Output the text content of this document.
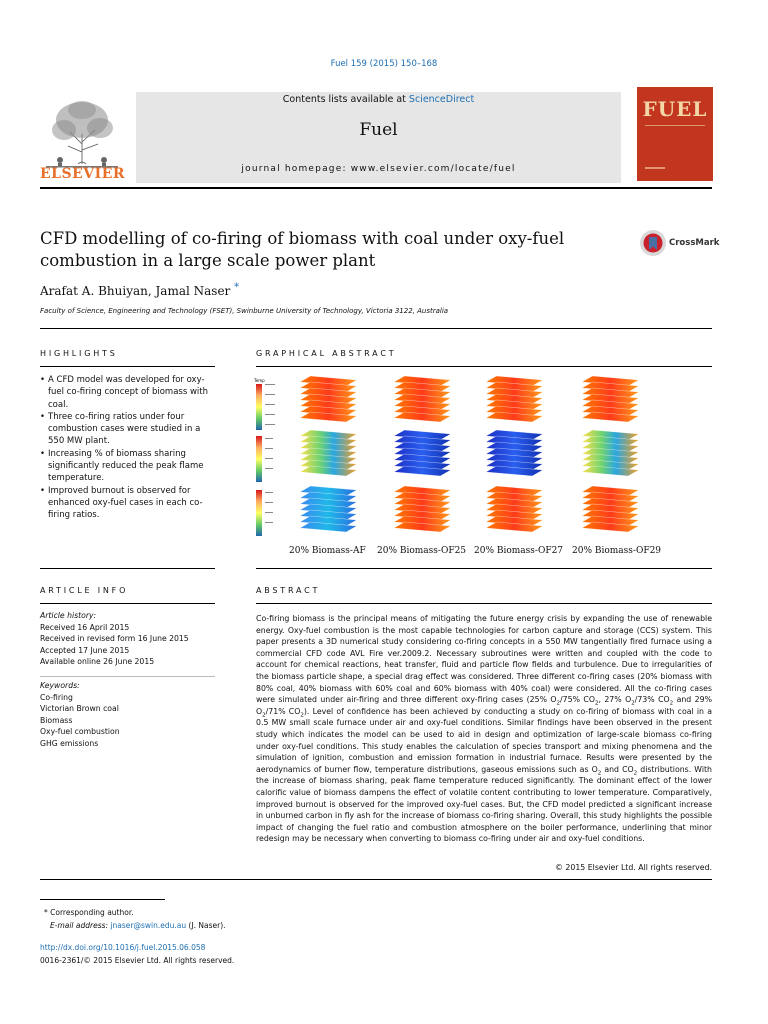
Fuel 159 (2015) 150–168
ELSEVIER
Contents lists available at ScienceDirect
Fuel
journal homepage: www.elsevier.com/locate/fuel
FUEL
CFD modelling of co-firing of biomass with coal under oxy-fuel
combustion in a large scale power plant
CrossMark
Arafat A. Bhuiyan, Jamal Naser *
Faculty of Science, Engineering and Technology (FSET), Swinburne University of Technology, Victoria 3122, Australia
HIGHLIGHTS
• A CFD model was developed for oxy-fuel co-firing concept of biomass with coal.
• Three co-firing ratios under four combustion cases were studied in a 550 MW plant.
• Increasing % of biomass sharing significantly reduced the peak flame temperature.
• Improved burnout is observed for enhanced oxy-fuel cases in each co-firing ratios.
GRAPHICAL ABSTRACT
Temp
20% Biomass-AF 20% Biomass-OF25 20% Biomass-OF27 20% Biomass-OF29
ARTICLE INFO
Article history:
Received 16 April 2015
Received in revised form 16 June 2015
Accepted 17 June 2015
Available online 26 June 2015
Keywords:
Co-firing
Victorian Brown coal
Biomass
Oxy-fuel combustion
GHG emissions
ABSTRACT

Co-firing biomass is the principal means of mitigating the future energy crisis by expanding the use of renewable energy. Oxy-fuel combustion is the most capable technologies for carbon capture and storage (CCS) system. This paper presents a 3D numerical study considering co-firing concepts in a 550 MW tangentially fired furnace using a commercial CFD code AVL Fire ver.2009.2. Necessary subroutines were written and coupled with the code to account for chemical reactions, heat transfer, fluid and particle flow fields and turbulence. Due to irregularities of the biomass particle shape, a special drag effect was considered. Three different co-firing cases (20% biomass with 80% coal, 40% biomass with 60% coal and 60% biomass with 40% coal) were considered. All the co-firing cases were simulated under air-firing and three different oxy-firing cases (25% $O_2/75\%$ $CO_2$, 27% $O_2/73\%$ $CO_2$ and 29% $O_2/71\%$ $CO_2$). Level of confidence has been achieved by conducting a study on co-firing of biomass with coal in a 0.5 MW small scale furnace under air and oxy-fuel conditions. Similar findings have been observed in the present study which indicates the model can be used to aid in design and optimization of large-scale biomass co-firing under oxy-fuel conditions. This study enables the calculation of species transport and mixing phenomena and the simulation of ignition, combustion and emission formation in industrial furnace. Results were presented by the aerodynamics of burner flow, temperature distributions, gaseous emissions such as $O_2$ and $CO_2$ distributions. With the increase of biomass sharing, peak flame temperature reduced significantly. The dominant effect of the lower calorific value of biomass dampens the effect of volatile content contributing to lower temperature. Comparatively, improved burnout is observed for the improved oxy-fuel cases. But, the CFD model predicted a significant increase in unburned carbon in fly ash for the increase of biomass co-firing sharing. Overall, this study highlights the possible impact of changing the fuel ratio and combustion atmosphere on the boiler performance, underlining that minor redesign may be necessary when converting to biomass co-firing under air and oxy-fuel conditions.

© 2015 Elsevier Ltd. All rights reserved.
* Corresponding author.
E-mail address: jnaser@swin.edu.au (J. Naser).
http://dx.doi.org/10.1016/j.fuel.2015.06.058
0016-2361/© 2015 Elsevier Ltd. All rights reserved.
